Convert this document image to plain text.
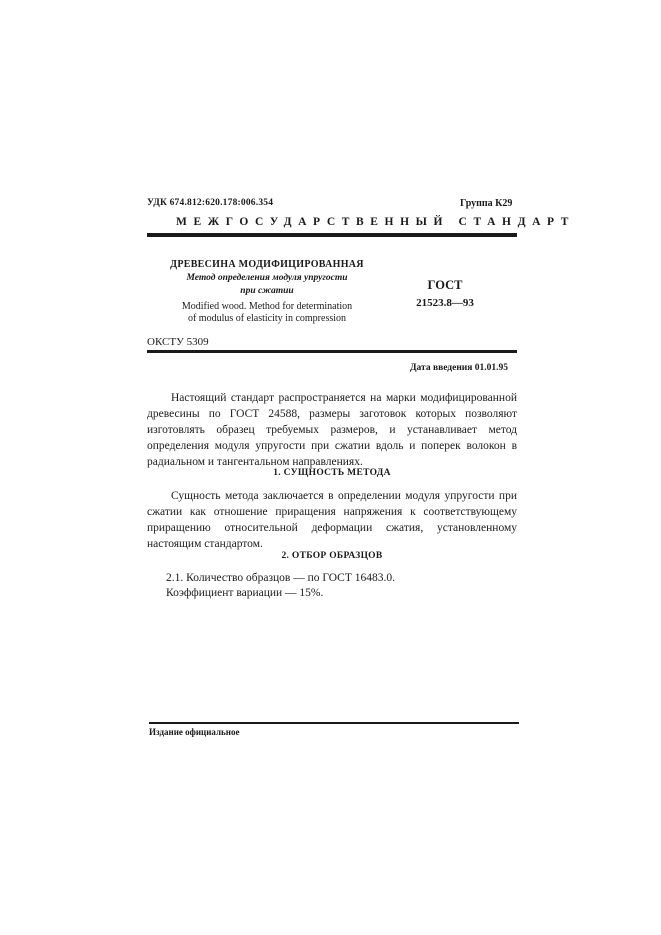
УДК 674.812:620.178:006.354	Группа К29
МЕЖГОСУДАРСТВЕННЫЙ СТАНДАРТ
ДРЕВЕСИНА МОДИФИЦИРОВАННАЯ
Метод определения модуля упругости
при сжатии
Modified wood. Method for determination
of modulus of elasticity in compression
ГОСТ
21523.8—93
ОКСТУ 5309
Дата введения 01.01.95
Настоящий стандарт распространяется на марки модифицированной древесины по ГОСТ 24588, размеры заготовок которых позволяют изготовлять образец требуемых размеров, и устанавливает метод определения модуля упругости при сжатии вдоль и поперек волокон в радиальном и тангентальном направлениях.
1. СУЩНОСТЬ МЕТОДА
Сущность метода заключается в определении модуля упругости при сжатии как отношение приращения напряжения к соответствующему приращению относительной деформации сжатия, установленному настоящим стандартом.
2. ОТБОР ОБРАЗЦОВ
2.1. Количество образцов — по ГОСТ 16483.0.
Коэффициент вариации — 15%.
Издание официальное
